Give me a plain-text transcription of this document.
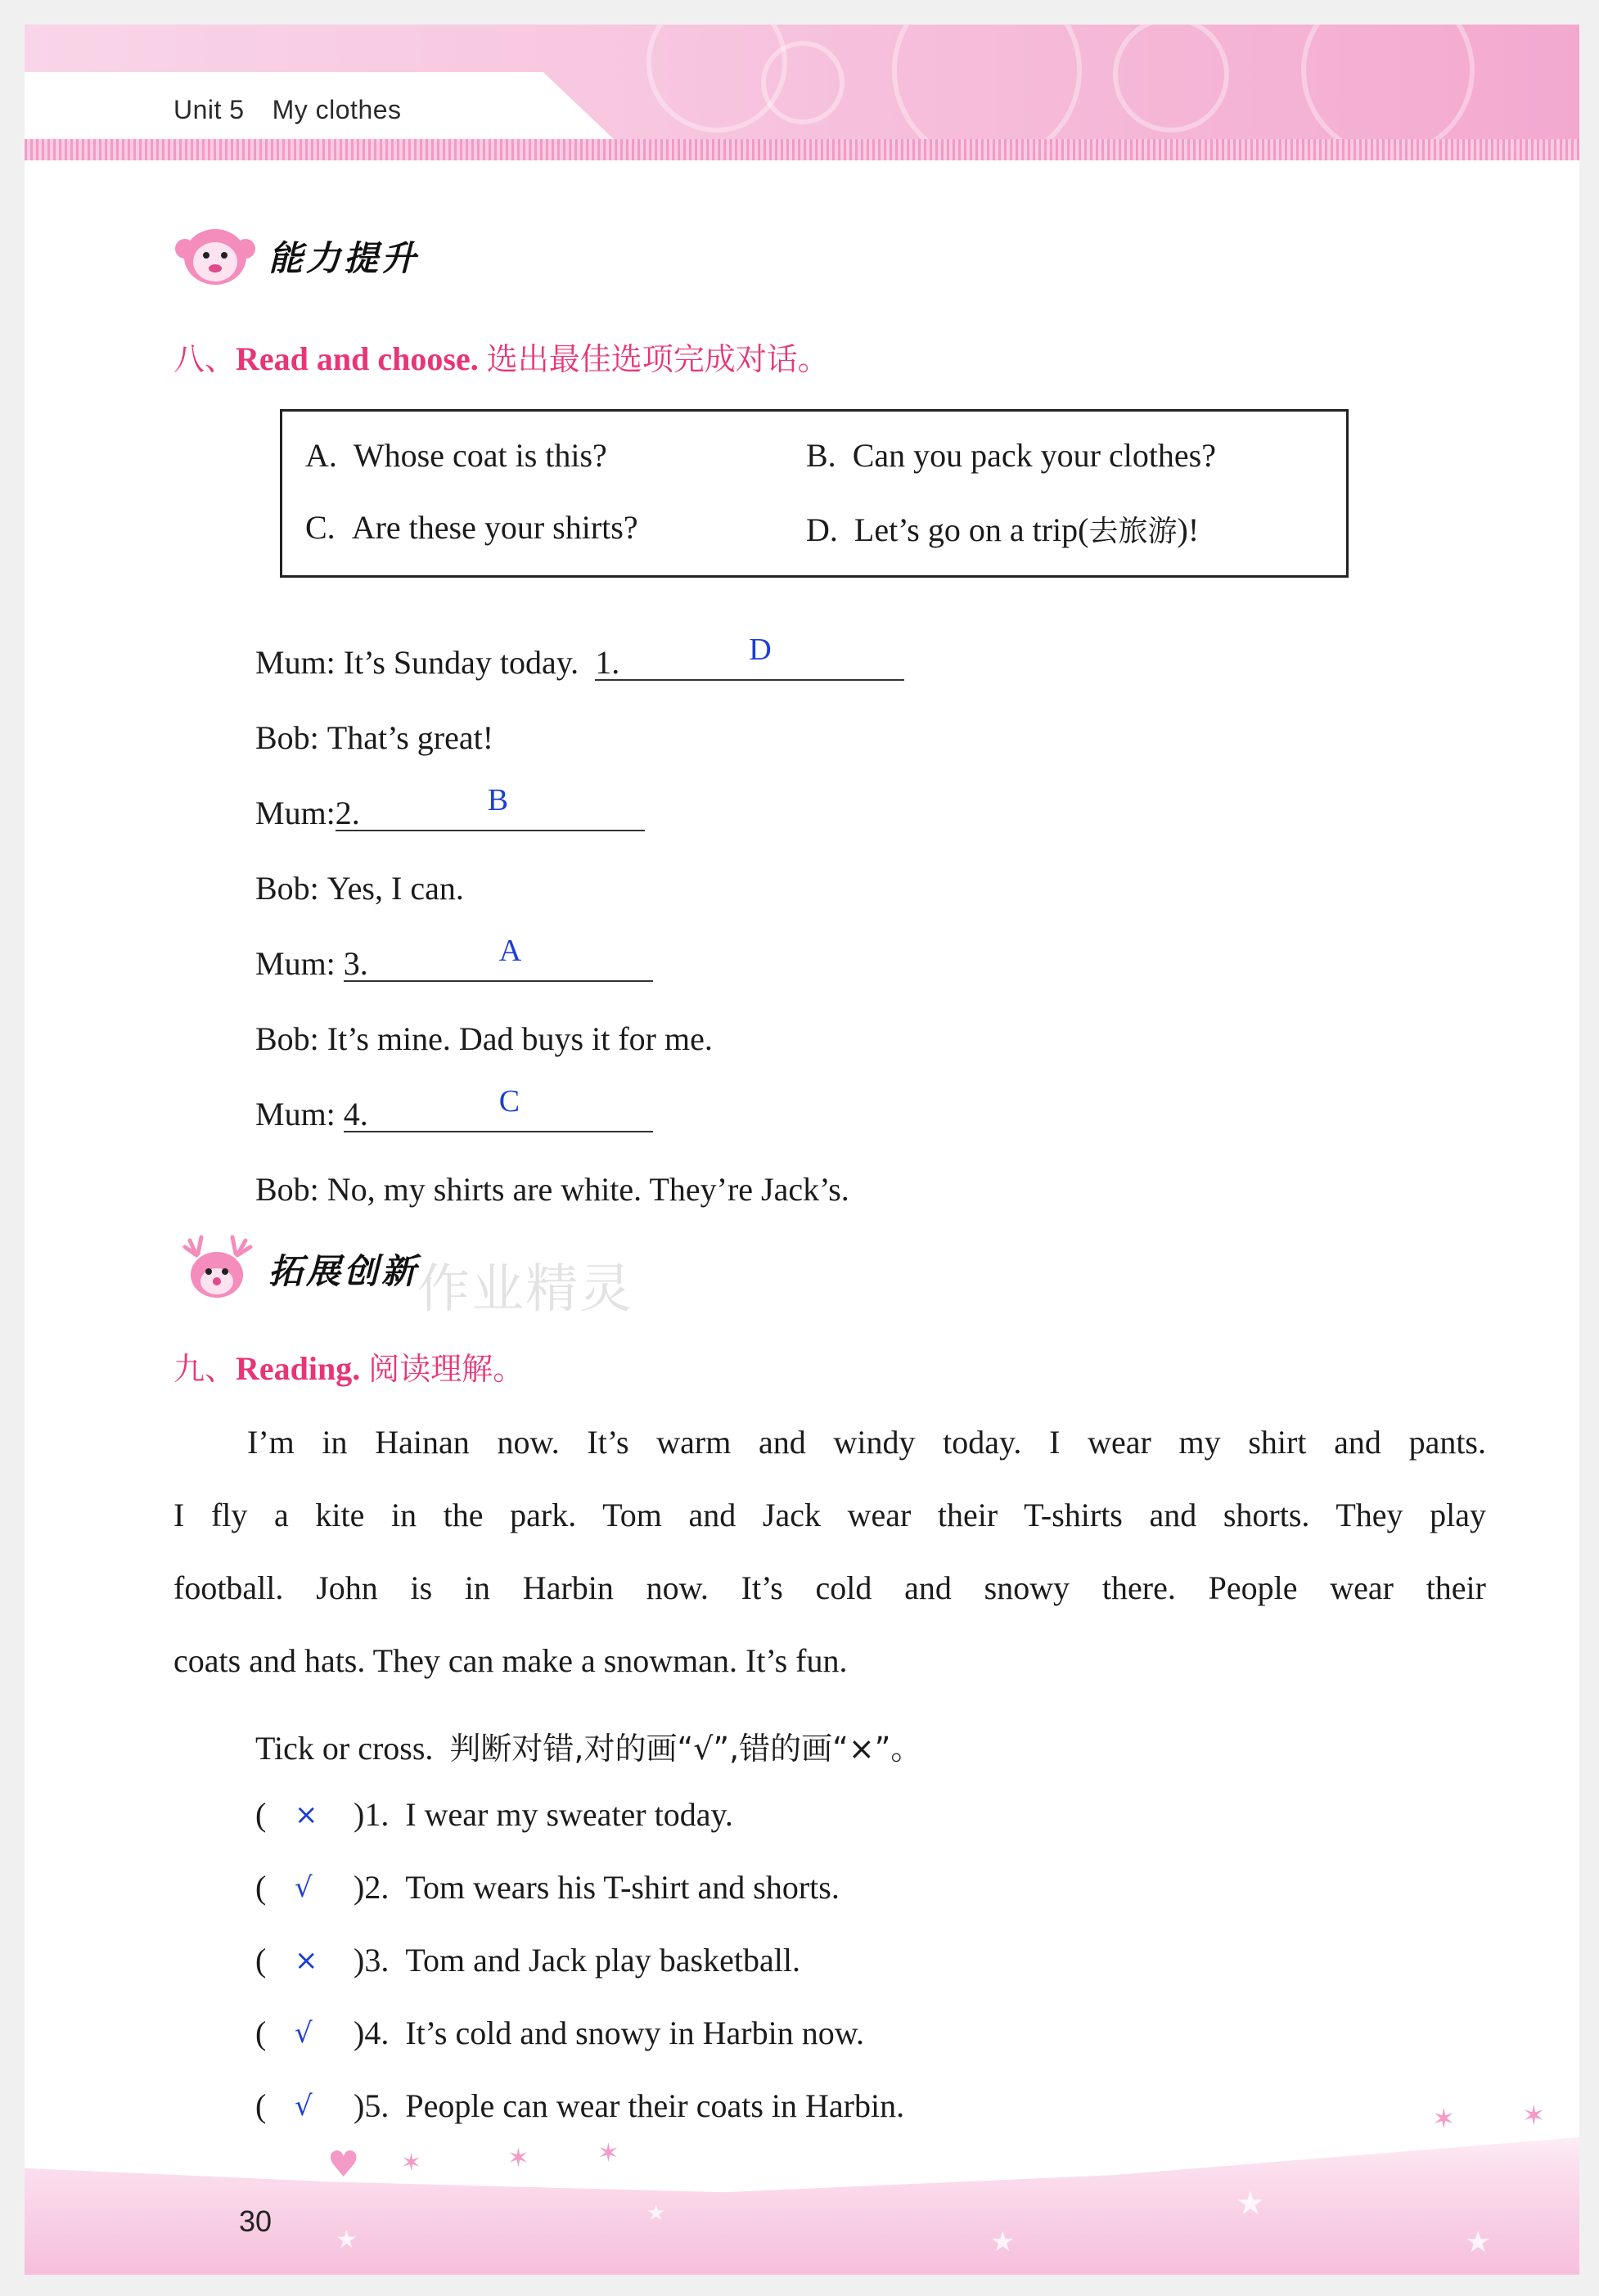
Unit 5 My clothes
能力提升
八、Read and choose. 选出最佳选项完成对话。
A. Whose coat is this?	B. Can you pack your clothes?
C. Are these your shirts?	D. Let’s go on a trip(去旅游)!
Mum: It’s Sunday today. 1.	D
Bob: That’s great!
Mum:2.	B
Bob: Yes, I can.
Mum: 3.	A
Bob: It’s mine. Dad buys it for me.
Mum: 4.	C
Bob: No, my shirts are white. They’re Jack’s.
拓展创新
作业精灵
九、Reading. 阅读理解。
I’m in Hainan now. It’s warm and windy today. I wear my shirt and pants.
I fly a kite in the park. Tom and Jack wear their T-shirts and shorts. They play
football. John is in Harbin now. It’s cold and snowy there. People wear their
coats and hats. They can make a snowman. It’s fun.
Tick or cross. 判断对错,对的画“√”,错的画“×”。
( × )1. I wear my sweater today.
( √ )2. Tom wears his T-shirt and shorts.
( × )3. Tom and Jack play basketball.
( √ )4. It’s cold and snowy in Harbin now.
( √ )5. People can wear their coats in Harbin.
★
★
★
★
★
♥ ✶	✶	✶
✶ ✶
30
